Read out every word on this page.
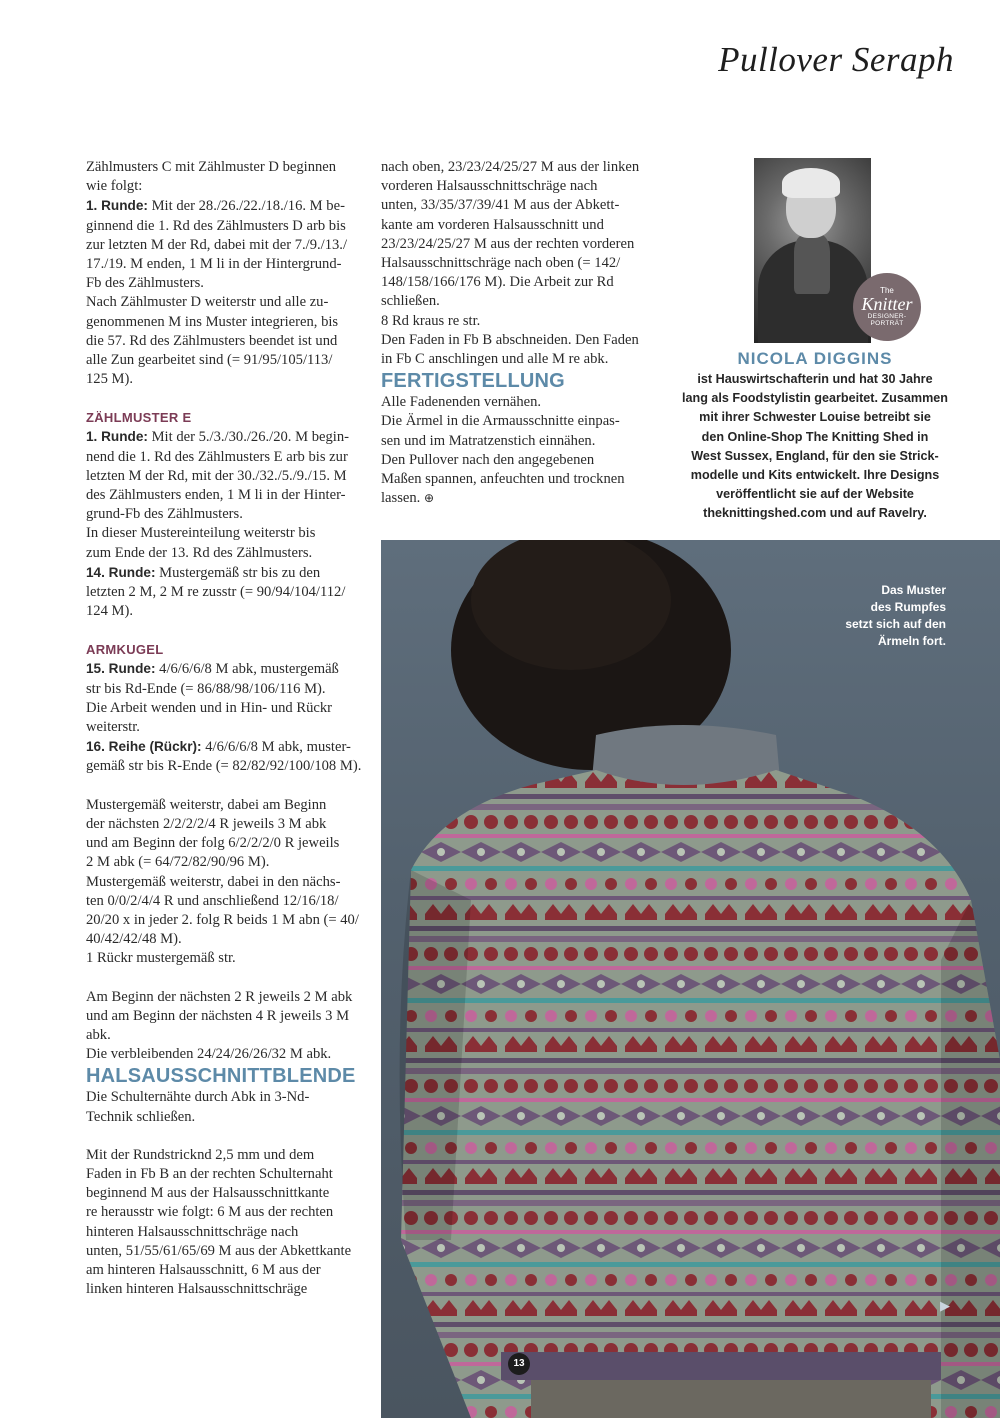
Pullover Seraph

Zählmusters C mit Zählmuster D beginnen

wie folgt:

1. Runde: Mit der 28./26./22./18./16. M be-

ginnend die 1. Rd des Zählmusters D arb bis

zur letzten M der Rd, dabei mit der 7./9./13./

17./19. M enden, 1 M li in der Hintergrund-

Fb des Zählmusters.

Nach Zählmuster D weiterstr und alle zu-

genommenen M ins Muster integrieren, bis

die 57. Rd des Zählmusters beendet ist und

alle Zun gearbeitet sind (= 91/95/105/113/

125 M).

ZÄHLMUSTER E

1. Runde: Mit der 5./3./30./26./20. M begin-

nend die 1. Rd des Zählmusters E arb bis zur

letzten M der Rd, mit der 30./32./5./9./15. M

des Zählmusters enden, 1 M li in der Hinter-

grund-Fb des Zählmusters.

In dieser Mustereinteilung weiterstr bis

zum Ende der 13. Rd des Zählmusters.

14. Runde: Mustergemäß str bis zu den

letzten 2 M, 2 M re zusstr (= 90/94/104/112/

124 M).

ARMKUGEL

15. Runde: 4/6/6/6/8 M abk, mustergemäß

str bis Rd-Ende (= 86/88/98/106/116 M).

Die Arbeit wenden und in Hin- und Rückr

weiterstr.

16. Reihe (Rückr): 4/6/6/6/8 M abk, muster-

gemäß str bis R-Ende (= 82/82/92/100/108 M).

Mustergemäß weiterstr, dabei am Beginn

der nächsten 2/2/2/2/4 R jeweils 3 M abk

und am Beginn der folg 6/2/2/2/0 R jeweils

2 M abk (= 64/72/82/90/96 M).

Mustergemäß weiterstr, dabei in den nächs-

ten 0/0/2/4/4 R und anschließend 12/16/18/

20/20 x in jeder 2. folg R beids 1 M abn (= 40/

40/42/42/48 M).

1 Rückr mustergemäß str.

Am Beginn der nächsten 2 R jeweils 2 M abk

und am Beginn der nächsten 4 R jeweils 3 M

abk.

Die verbleibenden 24/24/26/26/32 M abk.

HALSAUSSCHNITTBLENDE

Die Schulternähte durch Abk in 3-Nd-

Technik schließen.

Mit der Rundstricknd 2,5 mm und dem

Faden in Fb B an der rechten Schulternaht

beginnend M aus der Halsausschnittkante

re herausstr wie folgt: 6 M aus der rechten

hinteren Halsausschnittschräge nach

unten, 51/55/61/65/69 M aus der Abkettkante

am hinteren Halsausschnitt, 6 M aus der

linken hinteren Halsausschnittschräge

nach oben, 23/23/24/25/27 M aus der linken

vorderen Halsausschnittschräge nach

unten, 33/35/37/39/41 M aus der Abkett-

kante am vorderen Halsausschnitt und

23/23/24/25/27 M aus der rechten vorderen

Halsausschnittschräge nach oben (= 142/

148/158/166/176 M). Die Arbeit zur Rd

schließen.

8 Rd kraus re str.

Den Faden in Fb B abschneiden. Den Faden

in Fb C anschlingen und alle M re abk.

FERTIGSTELLUNG

Alle Fadenenden vernähen.

Die Ärmel in die Armausschnitte einpas-

sen und im Matratzenstich einnähen.

Den Pullover nach den angegebenen

Maßen spannen, anfeuchten und trocknen

lassen. ⊕

The
Knitter
DESIGNER-
PORTRÄT
NICOLA DIGGINS
ist Hauswirtschafterin und hat 30 Jahre
lang als Foodstylistin gearbeitet. Zusammen
mit ihrer Schwester Louise betreibt sie
den Online-Shop The Knitting Shed in
West Sussex, England, für den sie Strick-
modelle und Kits entwickelt. Ihre Designs
veröffentlicht sie auf der Website
theknittingshed.com und auf Ravelry.
Das Muster
des Rumpfes
setzt sich auf den
Ärmeln fort.
13
▶
